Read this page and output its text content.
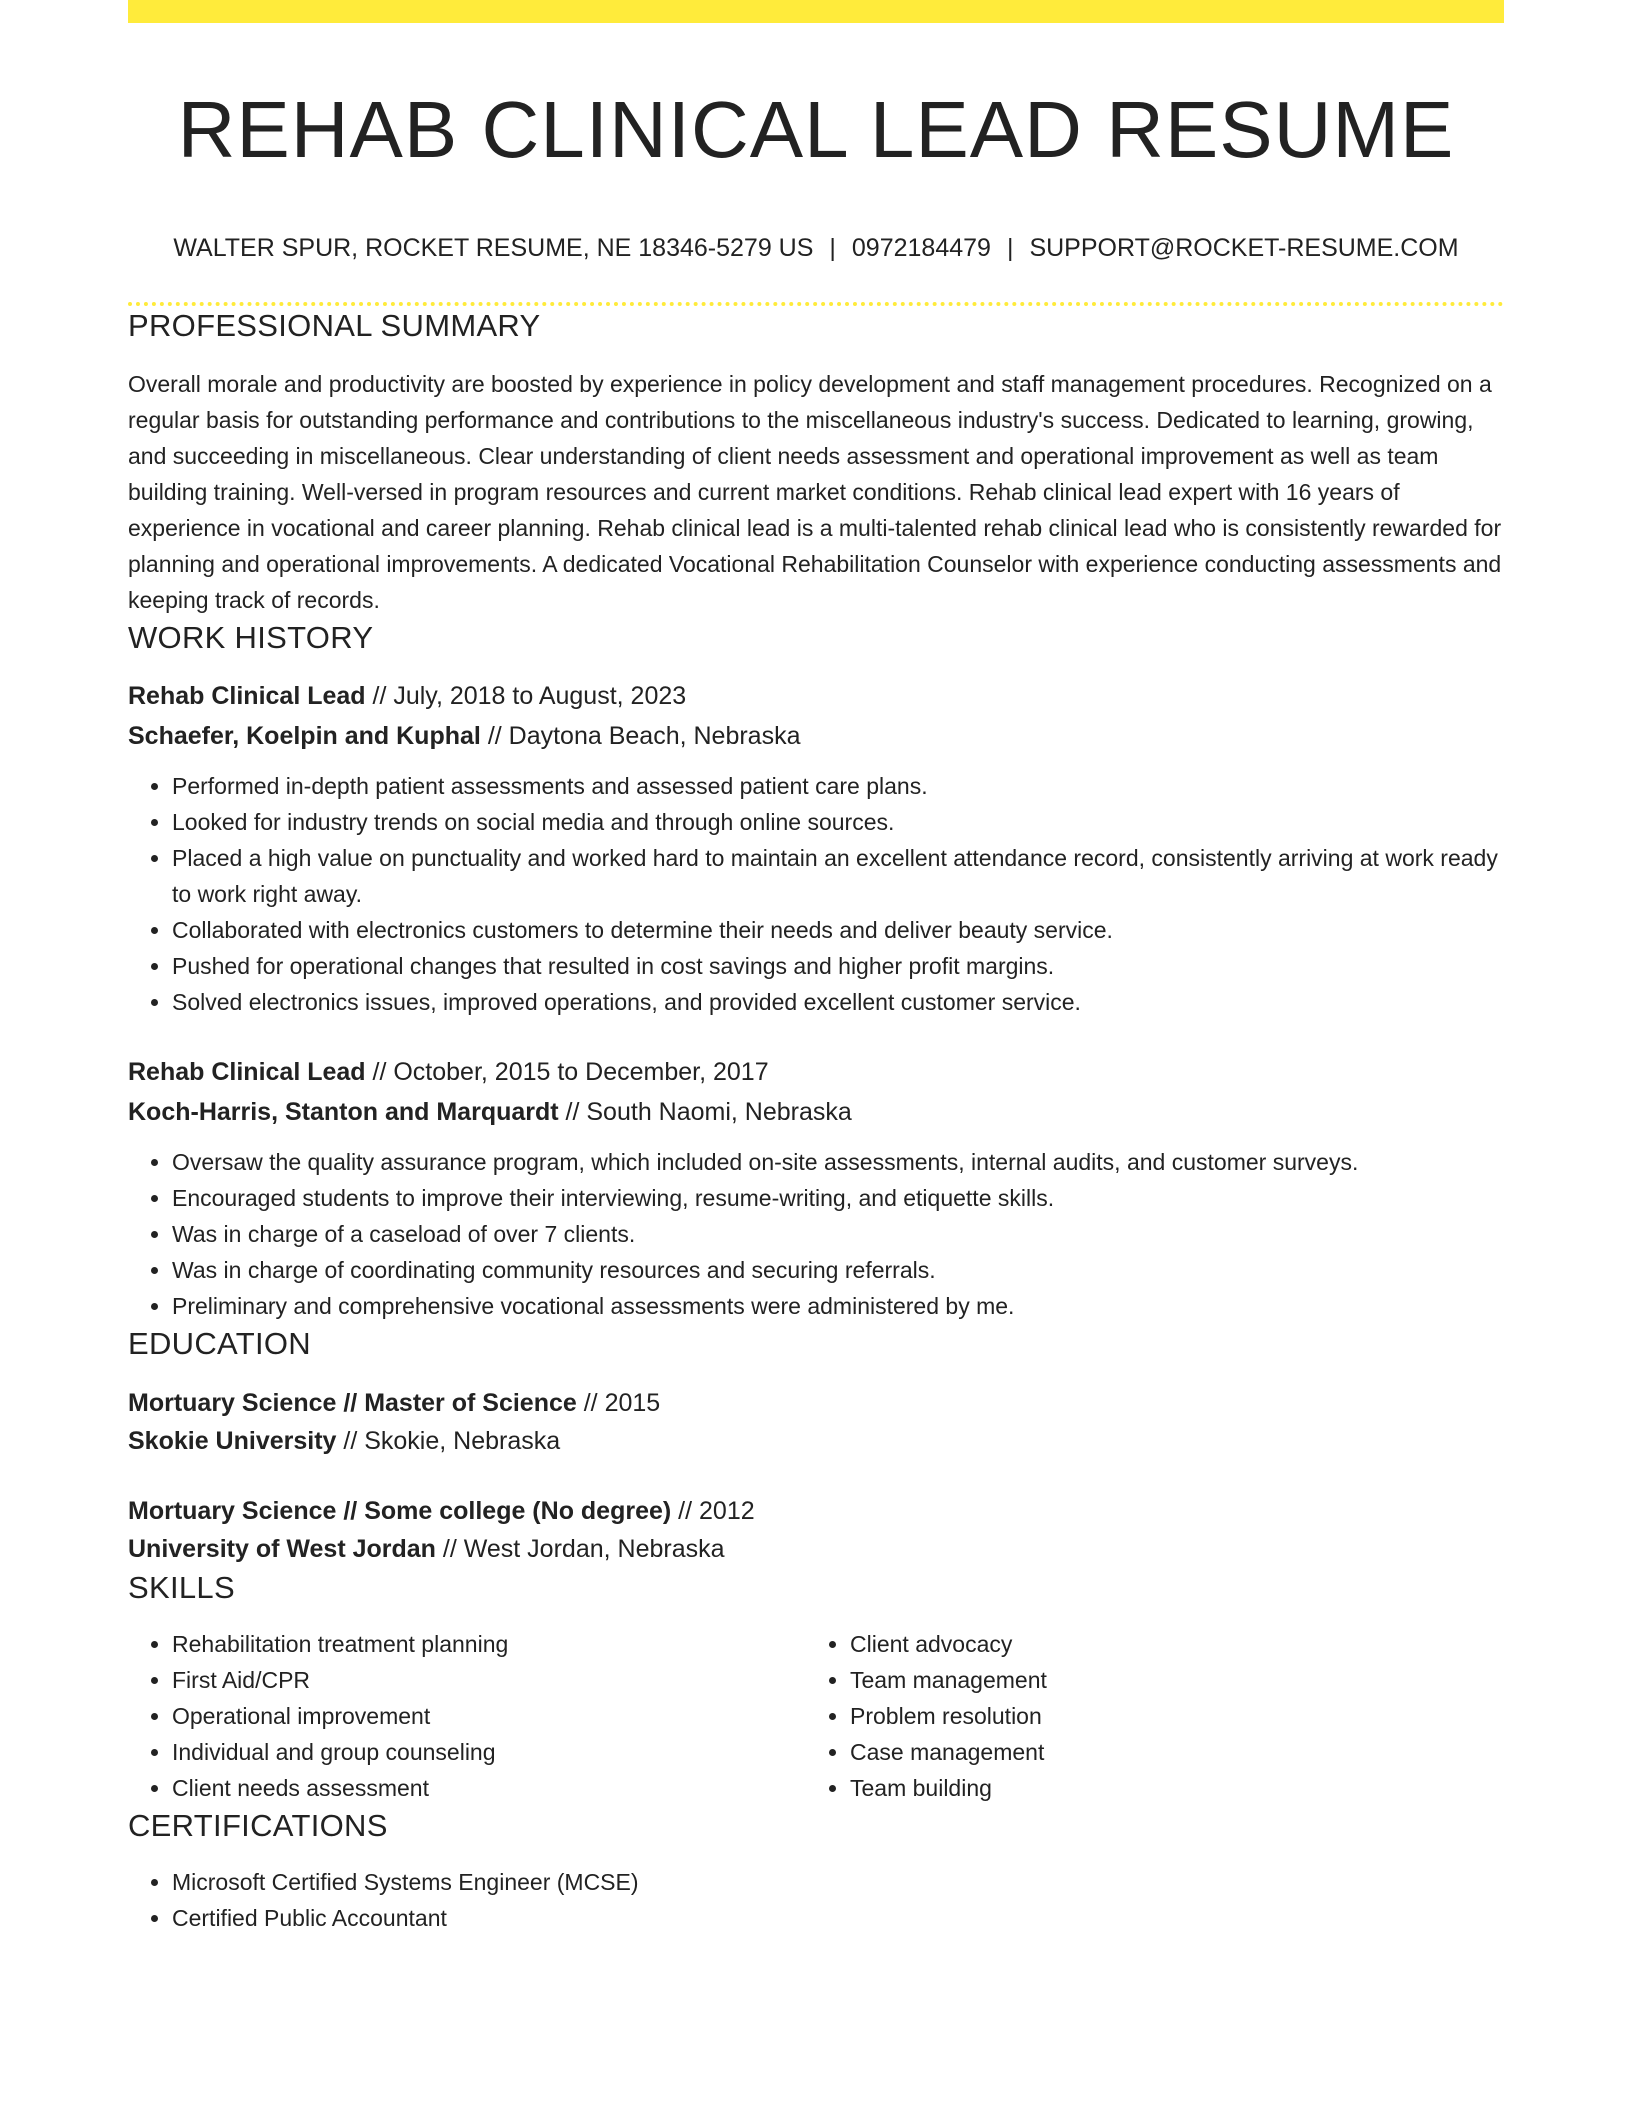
REHAB CLINICAL LEAD RESUME
WALTER SPUR, ROCKET RESUME, NE 18346-5279 US | 0972184479 | SUPPORT@ROCKET-RESUME.COM
PROFESSIONAL SUMMARY

Overall morale and productivity are boosted by experience in policy development and staff management procedures. Recognized on a regular basis for outstanding performance and contributions to the miscellaneous industry's success. Dedicated to learning, growing, and succeeding in miscellaneous. Clear understanding of client needs assessment and operational improvement as well as team building training. Well-versed in program resources and current market conditions. Rehab clinical lead expert with 16 years of experience in vocational and career planning. Rehab clinical lead is a multi-talented rehab clinical lead who is consistently rewarded for planning and operational improvements. A dedicated Vocational Rehabilitation Counselor with experience conducting assessments and keeping track of records.

WORK HISTORY
Rehab Clinical Lead // July, 2018 to August, 2023
Schaefer, Koelpin and Kuphal // Daytona Beach, Nebraska
• Performed in-depth patient assessments and assessed patient care plans.
• Looked for industry trends on social media and through online sources.
• Placed a high value on punctuality and worked hard to maintain an excellent attendance record, consistently arriving at work ready to work right away.
• Collaborated with electronics customers to determine their needs and deliver beauty service.
• Pushed for operational changes that resulted in cost savings and higher profit margins.
• Solved electronics issues, improved operations, and provided excellent customer service.
Rehab Clinical Lead // October, 2015 to December, 2017
Koch-Harris, Stanton and Marquardt // South Naomi, Nebraska
• Oversaw the quality assurance program, which included on-site assessments, internal audits, and customer surveys.
• Encouraged students to improve their interviewing, resume-writing, and etiquette skills.
• Was in charge of a caseload of over 7 clients.
• Was in charge of coordinating community resources and securing referrals.
• Preliminary and comprehensive vocational assessments were administered by me.
EDUCATION
Mortuary Science // Master of Science // 2015
Skokie University // Skokie, Nebraska
Mortuary Science // Some college (No degree) // 2012
University of West Jordan // West Jordan, Nebraska
SKILLS
• Rehabilitation treatment planning
• First Aid/CPR
• Operational improvement
• Individual and group counseling
• Client needs assessment
• Client advocacy
• Team management
• Problem resolution
• Case management
• Team building
CERTIFICATIONS
• Microsoft Certified Systems Engineer (MCSE)
• Certified Public Accountant
